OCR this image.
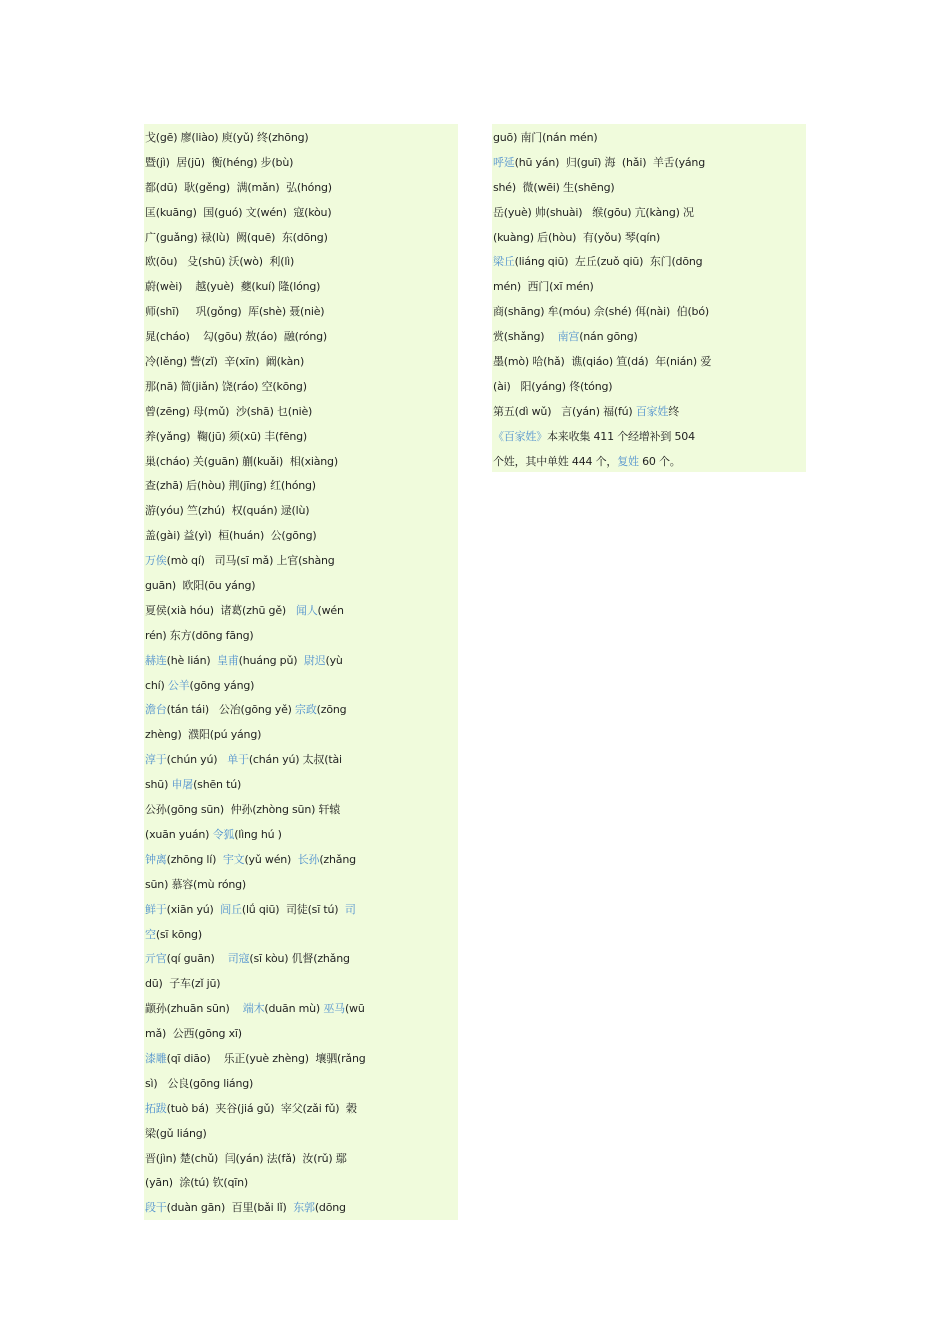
戈(gē) 廖(liào) 庾(yǔ) 终(zhōng)
暨(jì)  居(jū)  衡(héng) 步(bù)
都(dū)  耿(gěng)  满(mǎn)  弘(hóng)
匡(kuāng)  国(guó) 文(wén)  寇(kòu)
广(guǎng) 禄(lù)  阙(quē)  东(dōng)
欧(ōu)   殳(shū) 沃(wò)  利(lì)
蔚(wèi)    越(yuè)  夔(kuí) 隆(lóng)
师(shī)     巩(gǒng)  厍(shè) 聂(niè)
晁(cháo)    勾(gōu) 敖(áo)  融(róng)
冷(lěng) 訾(zǐ)  辛(xīn)  阚(kàn)
那(nā) 简(jiǎn) 饶(ráo) 空(kōng)
曾(zēng) 母(mǔ)  沙(shā) 乜(niè)
养(yǎng)  鞠(jū) 须(xū) 丰(fēng)
巢(cháo) 关(guān) 蒯(kuǎi)  相(xiàng)
查(zhā) 后(hòu) 荆(jīng) 红(hóng)
游(yóu) 竺(zhú)  权(quán) 逯(lù)
盖(gài) 益(yì)  桓(huán)  公(gōng)
万俟(mò qí)   司马(sī mǎ) 上官(shàng
guān)  欧阳(ōu yáng)
夏侯(xià hóu)  诸葛(zhū gě)   闻人(wén
rén) 东方(dōng fāng)
赫连(hè lián)  皇甫(huáng pǔ)  尉迟(yù
chí) 公羊(gōng yáng)
澹台(tán tái)   公冶(gōng yě) 宗政(zōng
zhèng)  濮阳(pú yáng)
淳于(chún yú)   单于(chán yú) 太叔(tài
shū) 申屠(shēn tú)
公孙(gōng sūn)  仲孙(zhòng sūn) 轩辕
(xuān yuán) 令狐(lìng hú )
钟离(zhōng lí)  宇文(yǔ wén)  长孙(zhǎng
sūn) 慕容(mù róng)
鲜于(xiān yú)  闾丘(lǘ qiū)  司徒(sī tú)  司
空(sī kōng)
亓官(qí guān)    司寇(sī kòu) 仉督(zhǎng
dū)  子车(zǐ jū)
颛孙(zhuān sūn)    端木(duān mù) 巫马(wū
mǎ)  公西(gōng xī)
漆雕(qī diāo)    乐正(yuè zhèng)  壤驷(rǎng
sì)   公良(gōng liáng)
拓跋(tuò bá)  夹谷(jiá gǔ)  宰父(zǎi fǔ)  榖
梁(gǔ liáng)
晋(jìn) 楚(chǔ)  闫(yán) 法(fǎ)  汝(rǔ) 鄢
(yān)  涂(tú) 钦(qīn)
段干(duàn gān)  百里(bǎi lǐ)  东郭(dōng
guō) 南门(nán mén)
呼延(hū yán)  归(guī) 海  (hǎi)  羊舌(yáng
shé)  微(wēi) 生(shēng)
岳(yuè) 帅(shuài)   缑(gōu) 亢(kàng) 况
(kuàng) 后(hòu)  有(yǒu) 琴(qín)
梁丘(liáng qiū)  左丘(zuǒ qiū)  东门(dōng
mén)  西门(xī mén)
商(shāng) 牟(móu) 佘(shé) 佴(nài)  伯(bó)
赏(shǎng)    南宫(nán gōng)
墨(mò) 哈(hǎ)  谯(qiáo) 笪(dá)  年(nián) 爱
(ài)   阳(yáng) 佟(tóng)
第五(dì wǔ)   言(yán) 福(fú) 百家姓终
《百家姓》本来收集 411 个经增补到 504
个姓，其中单姓 444 个，复姓 60 个。
